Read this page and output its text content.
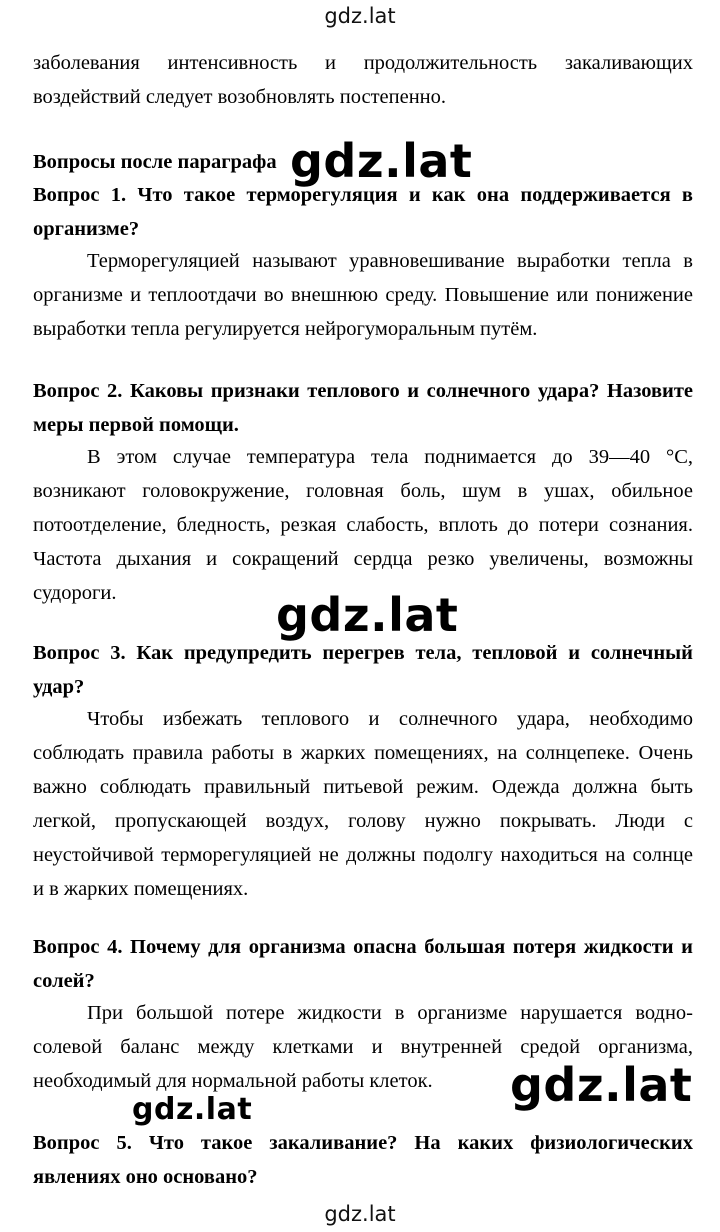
gdz.lat

заболевания интенсивность и продолжительность закаливающих воздействий следует возобновлять постепенно.

Вопросы после параграфа

Вопрос 1. Что такое терморегуляция и как она поддерживается в организме?

Терморегуляцией называют уравновешивание выработки тепла в организме и теплоотдачи во внешнюю среду. Повышение или понижение выработки тепла регулируется нейрогуморальным путём.

Вопрос 2. Каковы признаки теплового и солнечного удара? Назовите меры первой помощи.

В этом случае температура тела поднимается до 39—40 °С, возникают головокружение, головная боль, шум в ушах, обильное потоотделение, бледность, резкая слабость, вплоть до потери сознания. Частота дыхания и сокращений сердца резко увеличены, возможны судороги.

Вопрос 3. Как предупредить перегрев тела, тепловой и солнечный удар?

Чтобы избежать теплового и солнечного удара, необходимо соблюдать правила работы в жарких помещениях, на солнцепеке. Очень важно соблюдать правильный питьевой режим. Одежда должна быть легкой, пропускающей воздух, голову нужно покрывать. Люди с неустойчивой терморегуляцией не должны подолгу находиться на солнце и в жарких помещениях.

Вопрос 4. Почему для организма опасна большая потеря жидкости и солей?

При большой потере жидкости в организме нарушается водно-солевой баланс между клетками и внутренней средой организма, необходимый для нормальной работы клеток.

Вопрос 5. Что такое закаливание? На каких физиологических явлениях оно основано?

gdz.lat
gdz.lat
gdz.lat
gdz.lat
gdz.lat
